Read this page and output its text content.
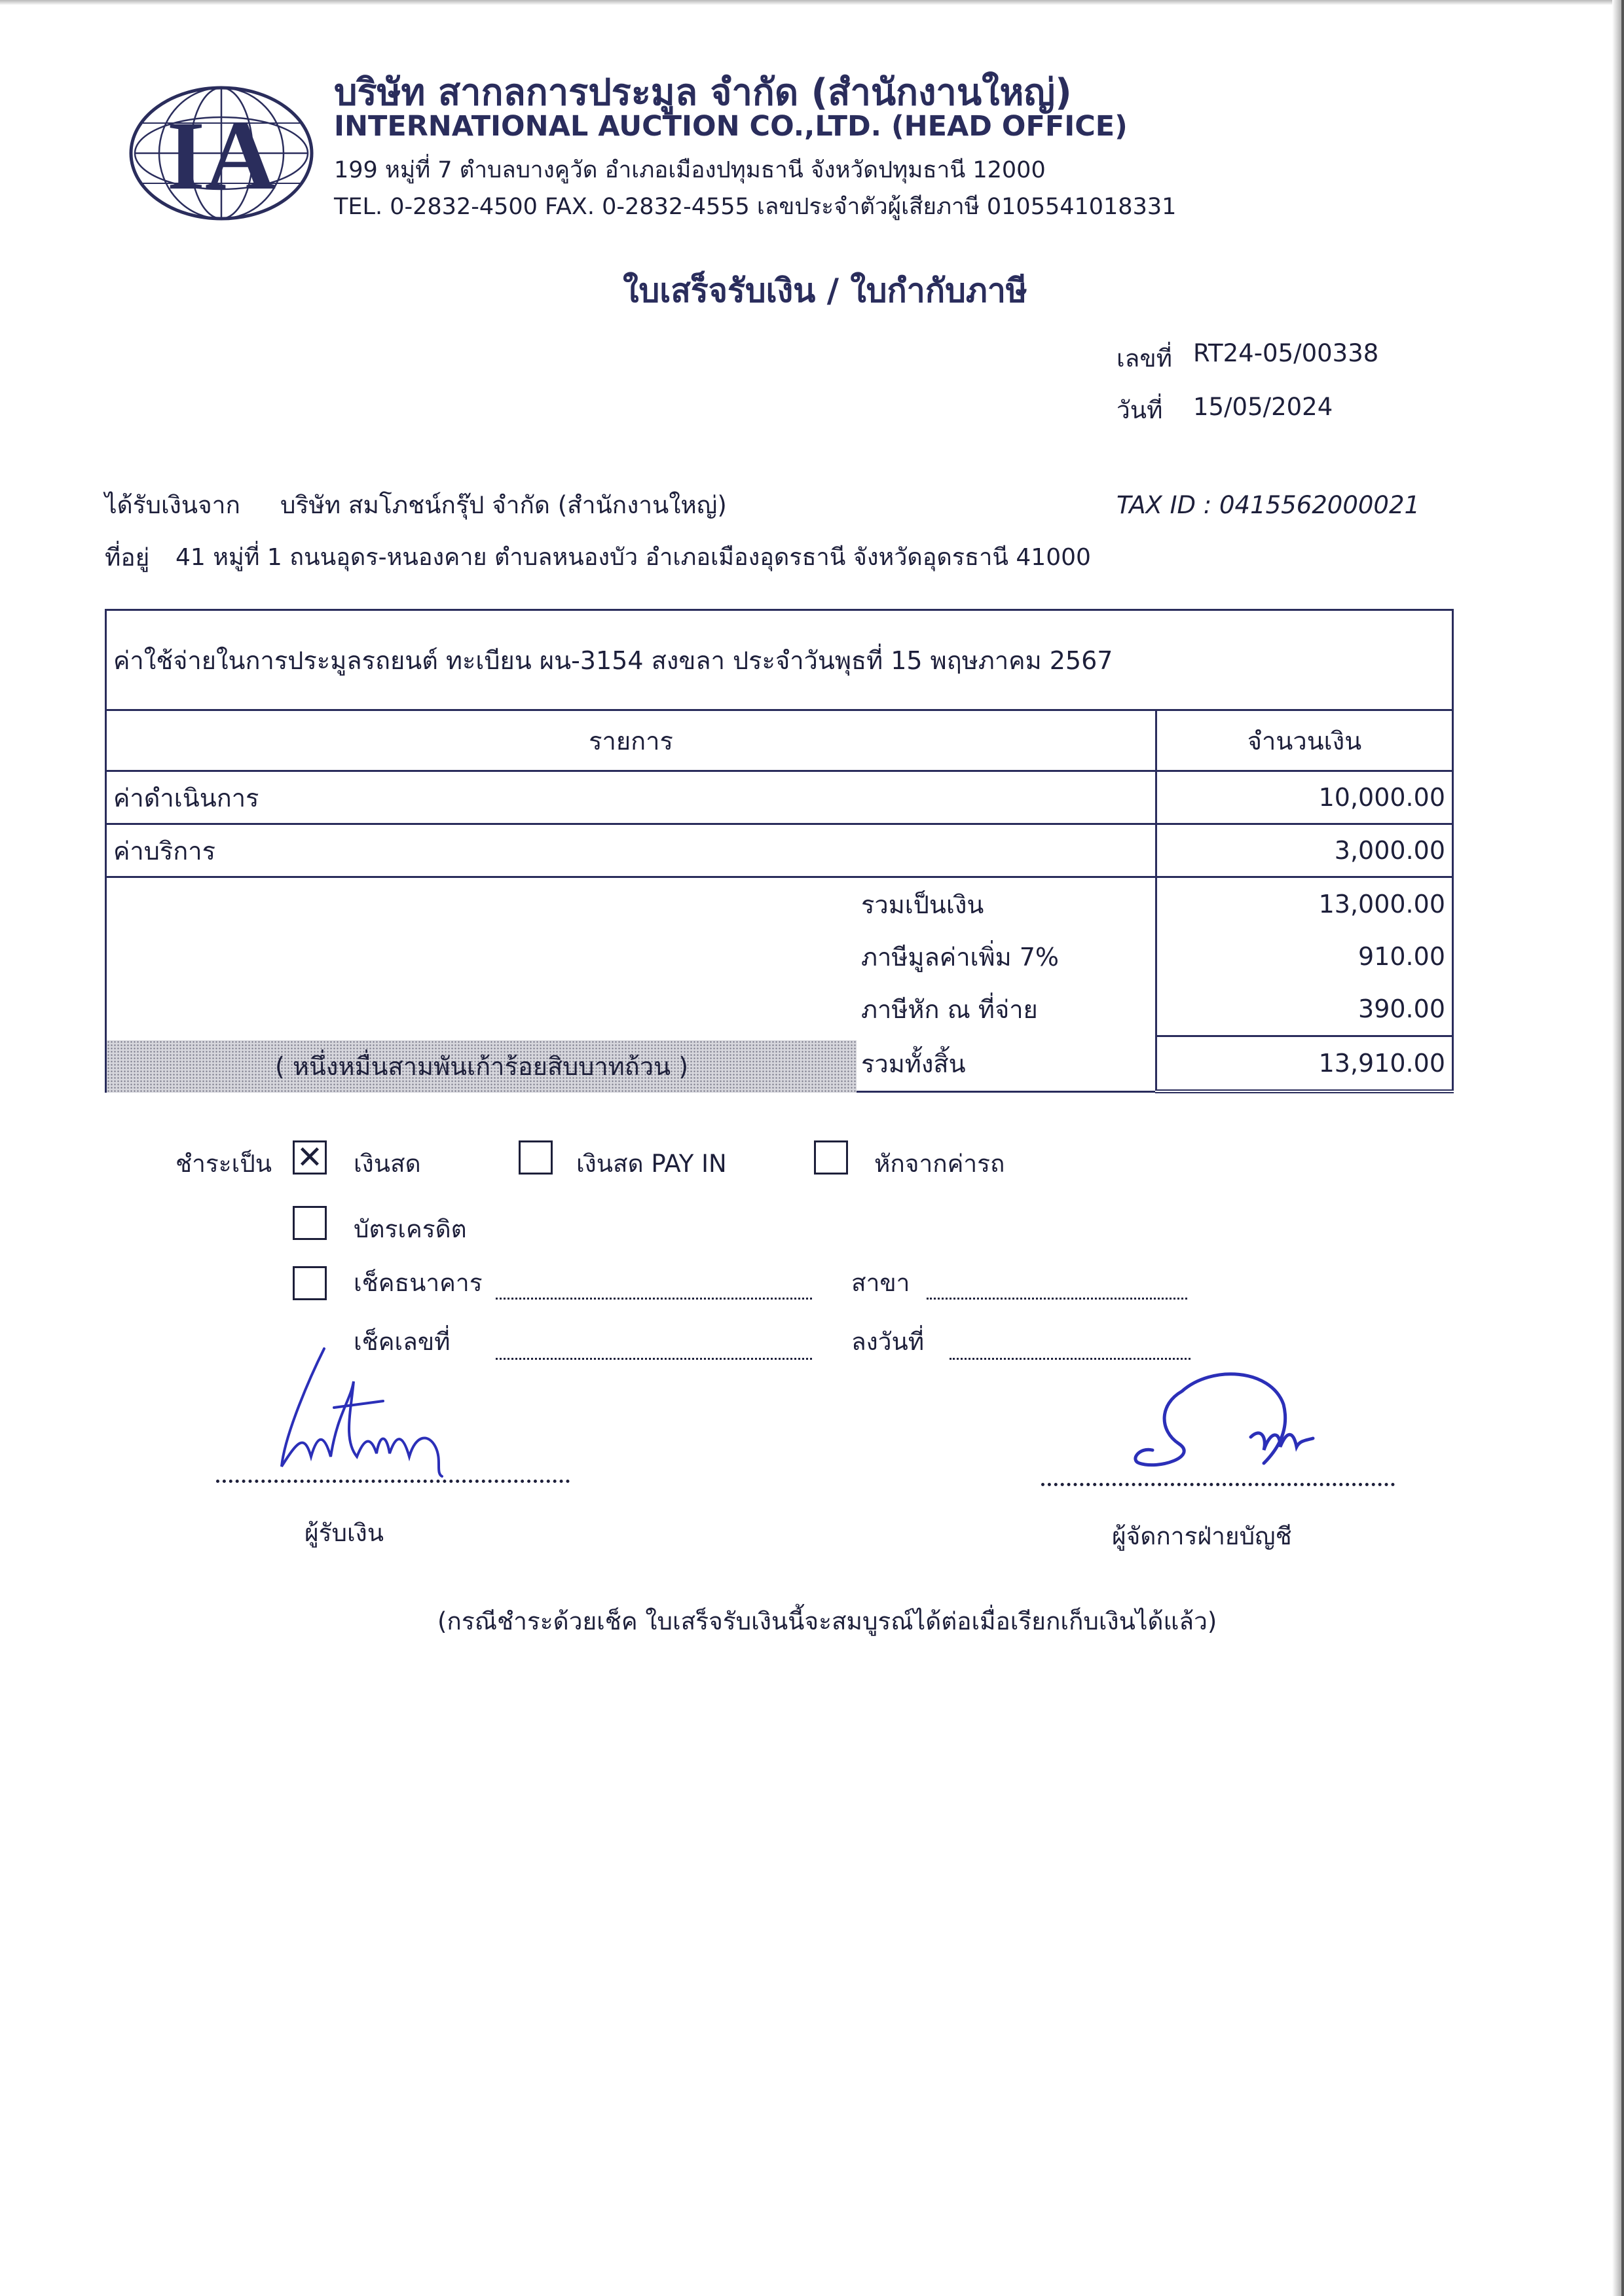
IA
บริษัท สากลการประมูล จำกัด (สำนักงานใหญ่)
INTERNATIONAL AUCTION CO.,LTD. (HEAD OFFICE)
199 หมู่ที่ 7 ตำบลบางคูวัด อำเภอเมืองปทุมธานี จังหวัดปทุมธานี 12000
TEL. 0-2832-4500 FAX. 0-2832-4555 เลขประจำตัวผู้เสียภาษี 0105541018331
ใบเสร็จรับเงิน / ใบกำกับภาษี
เลขที่ RT24-05/00338
วันที่ 15/05/2024
ได้รับเงินจาก บริษัท สมโภชน์กรุ๊ป จำกัด (สำนักงานใหญ่)	TAX ID : 0415562000021
ที่อยู่ 41 หมู่ที่ 1 ถนนอุดร-หนองคาย ตำบลหนองบัว อำเภอเมืองอุดรธานี จังหวัดอุดรธานี 41000
ค่าใช้จ่ายในการประมูลรถยนต์ ทะเบียน ผน-3154 สงขลา ประจำวันพุธที่ 15 พฤษภาคม 2567	
รายการ	จำนวนเงิน
ค่าดำเนินการ	10,000.00
ค่าบริการ	3,000.00
รวมเป็นเงิน	13,000.00
ภาษีมูลค่าเพิ่ม 7%	910.00
ภาษีหัก ณ ที่จ่าย	390.00

( หนึ่งหมื่นสามพันเก้าร้อยสิบบาทถ้วน ) รวมทั้งสิ้น	13,910.00
ชำระเป็น ✕ เงินสด	เงินสด PAY IN	หักจากค่ารถ
บัตรเครดิต
เช็คธนาคาร	สาขา
เช็คเลขที่	ลงวันที่
ผู้รับเงิน	ผู้จัดการฝ่ายบัญชี
(กรณีชำระด้วยเช็ค ใบเสร็จรับเงินนี้จะสมบูรณ์ได้ต่อเมื่อเรียกเก็บเงินได้แล้ว)
